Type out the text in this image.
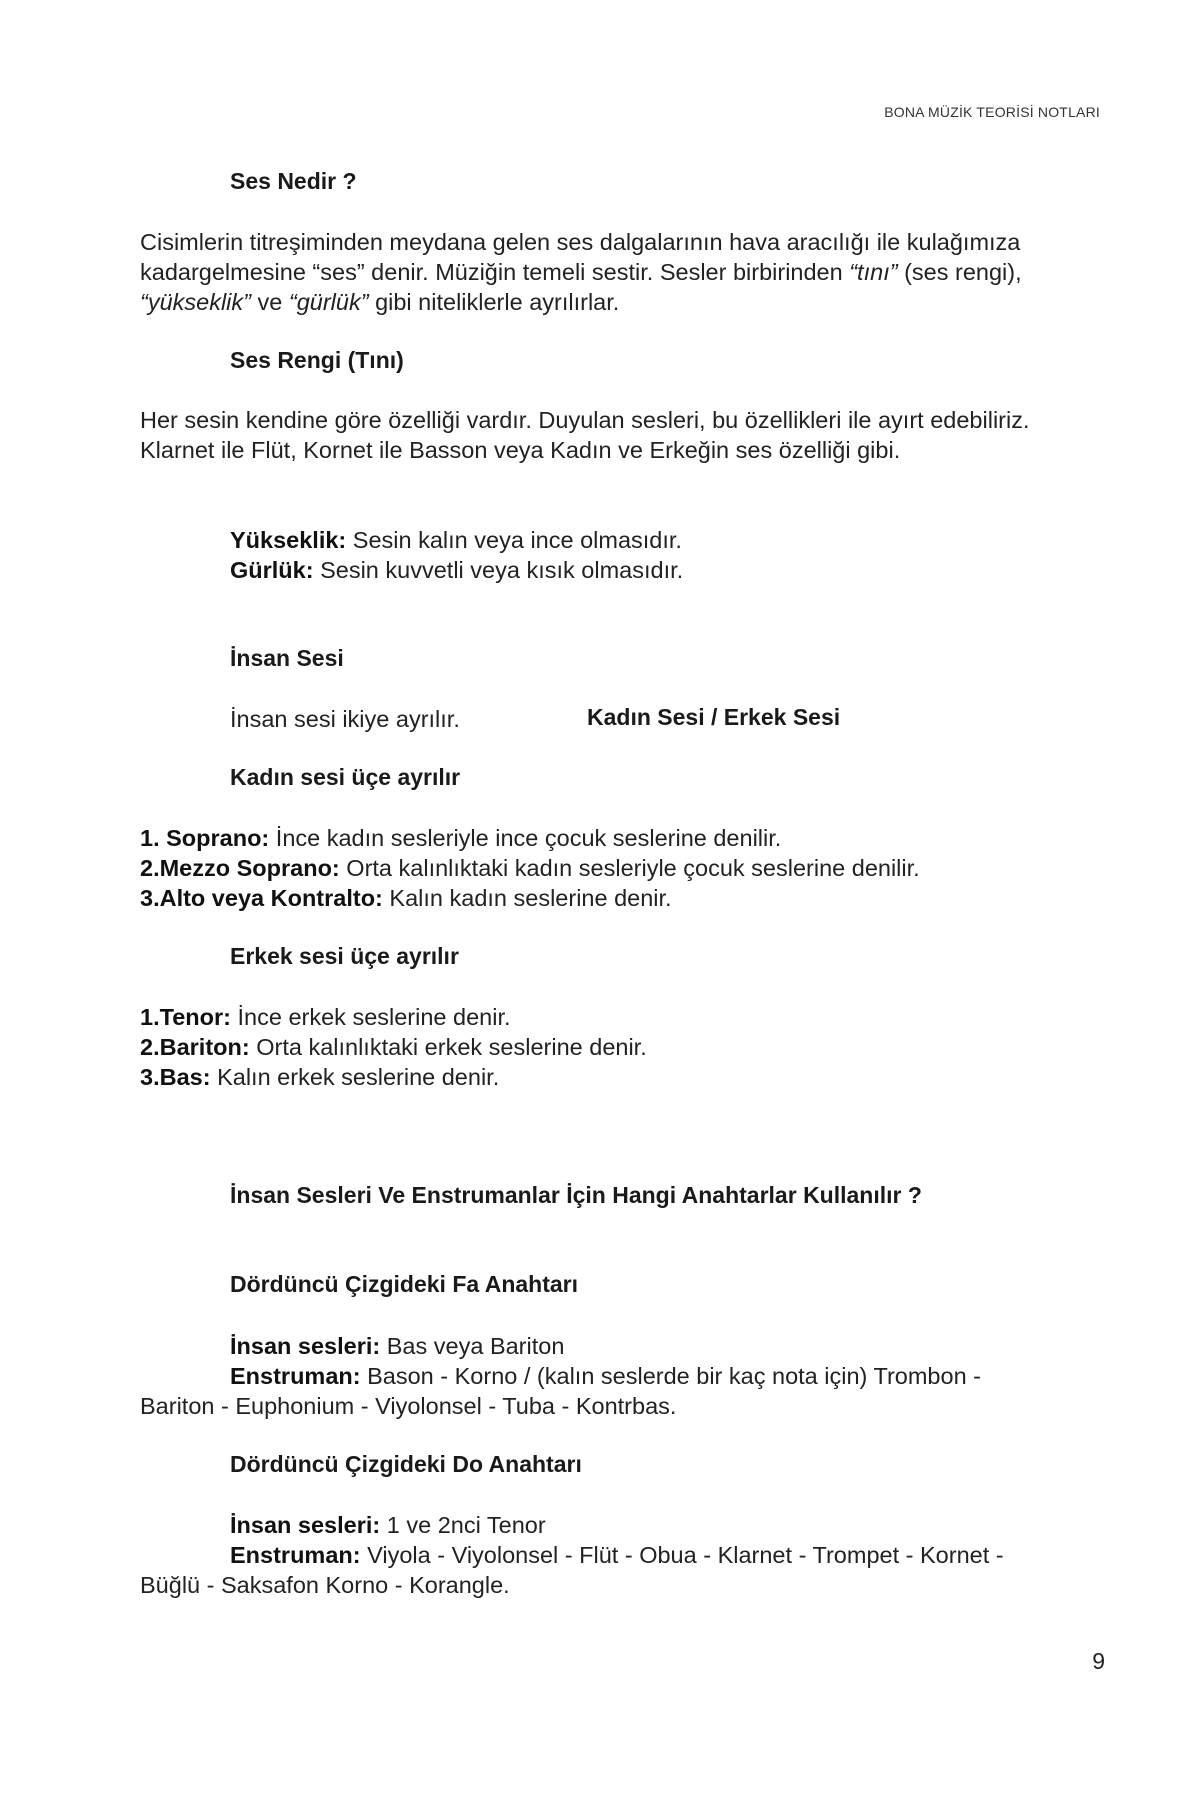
BONA MÜZİK TEORİSİ NOTLARI
Ses Nedir ?
Cisimlerin titreşiminden meydana gelen ses dalgalarının hava aracılığı ile kulağımıza kadargelmesine “ses” denir. Müziğin temeli sestir. Sesler birbirinden “tını” (ses rengi), “yükseklik” ve “gürlük” gibi niteliklerle ayrılırlar.
Ses Rengi (Tını)
Her sesin kendine göre özelliği vardır. Duyulan sesleri, bu özellikleri ile ayırt edebiliriz. Klarnet ile Flüt, Kornet ile Basson veya Kadın ve Erkeğin ses özelliği gibi.
Yükseklik: Sesin kalın veya ince olmasıdır.
Gürlük: Sesin kuvvetli veya kısık olmasıdır.
İnsan Sesi
İnsan sesi ikiye ayrılır.	Kadın Sesi / Erkek Sesi
Kadın sesi üçe ayrılır
1. Soprano: İnce kadın sesleriyle ince çocuk seslerine denilir.
2.Mezzo Soprano: Orta kalınlıktaki kadın sesleriyle çocuk seslerine denilir.
3.Alto veya Kontralto: Kalın kadın seslerine denir.
Erkek sesi üçe ayrılır
1.Tenor: İnce erkek seslerine denir.
2.Bariton: Orta kalınlıktaki erkek seslerine denir.
3.Bas: Kalın erkek seslerine denir.
İnsan Sesleri Ve Enstrumanlar İçin Hangi Anahtarlar Kullanılır ?
Dördüncü Çizgideki Fa Anahtarı
İnsan sesleri: Bas veya Bariton
Enstruman: Bason - Korno / (kalın seslerde bir kaç nota için) Trombon -
Bariton - Euphonium - Viyolonsel - Tuba - Kontrbas.
Dördüncü Çizgideki Do Anahtarı
İnsan sesleri: 1 ve 2nci Tenor
Enstruman: Viyola - Viyolonsel - Flüt - Obua - Klarnet - Trompet - Kornet -
Büğlü - Saksafon Korno - Korangle.
9
